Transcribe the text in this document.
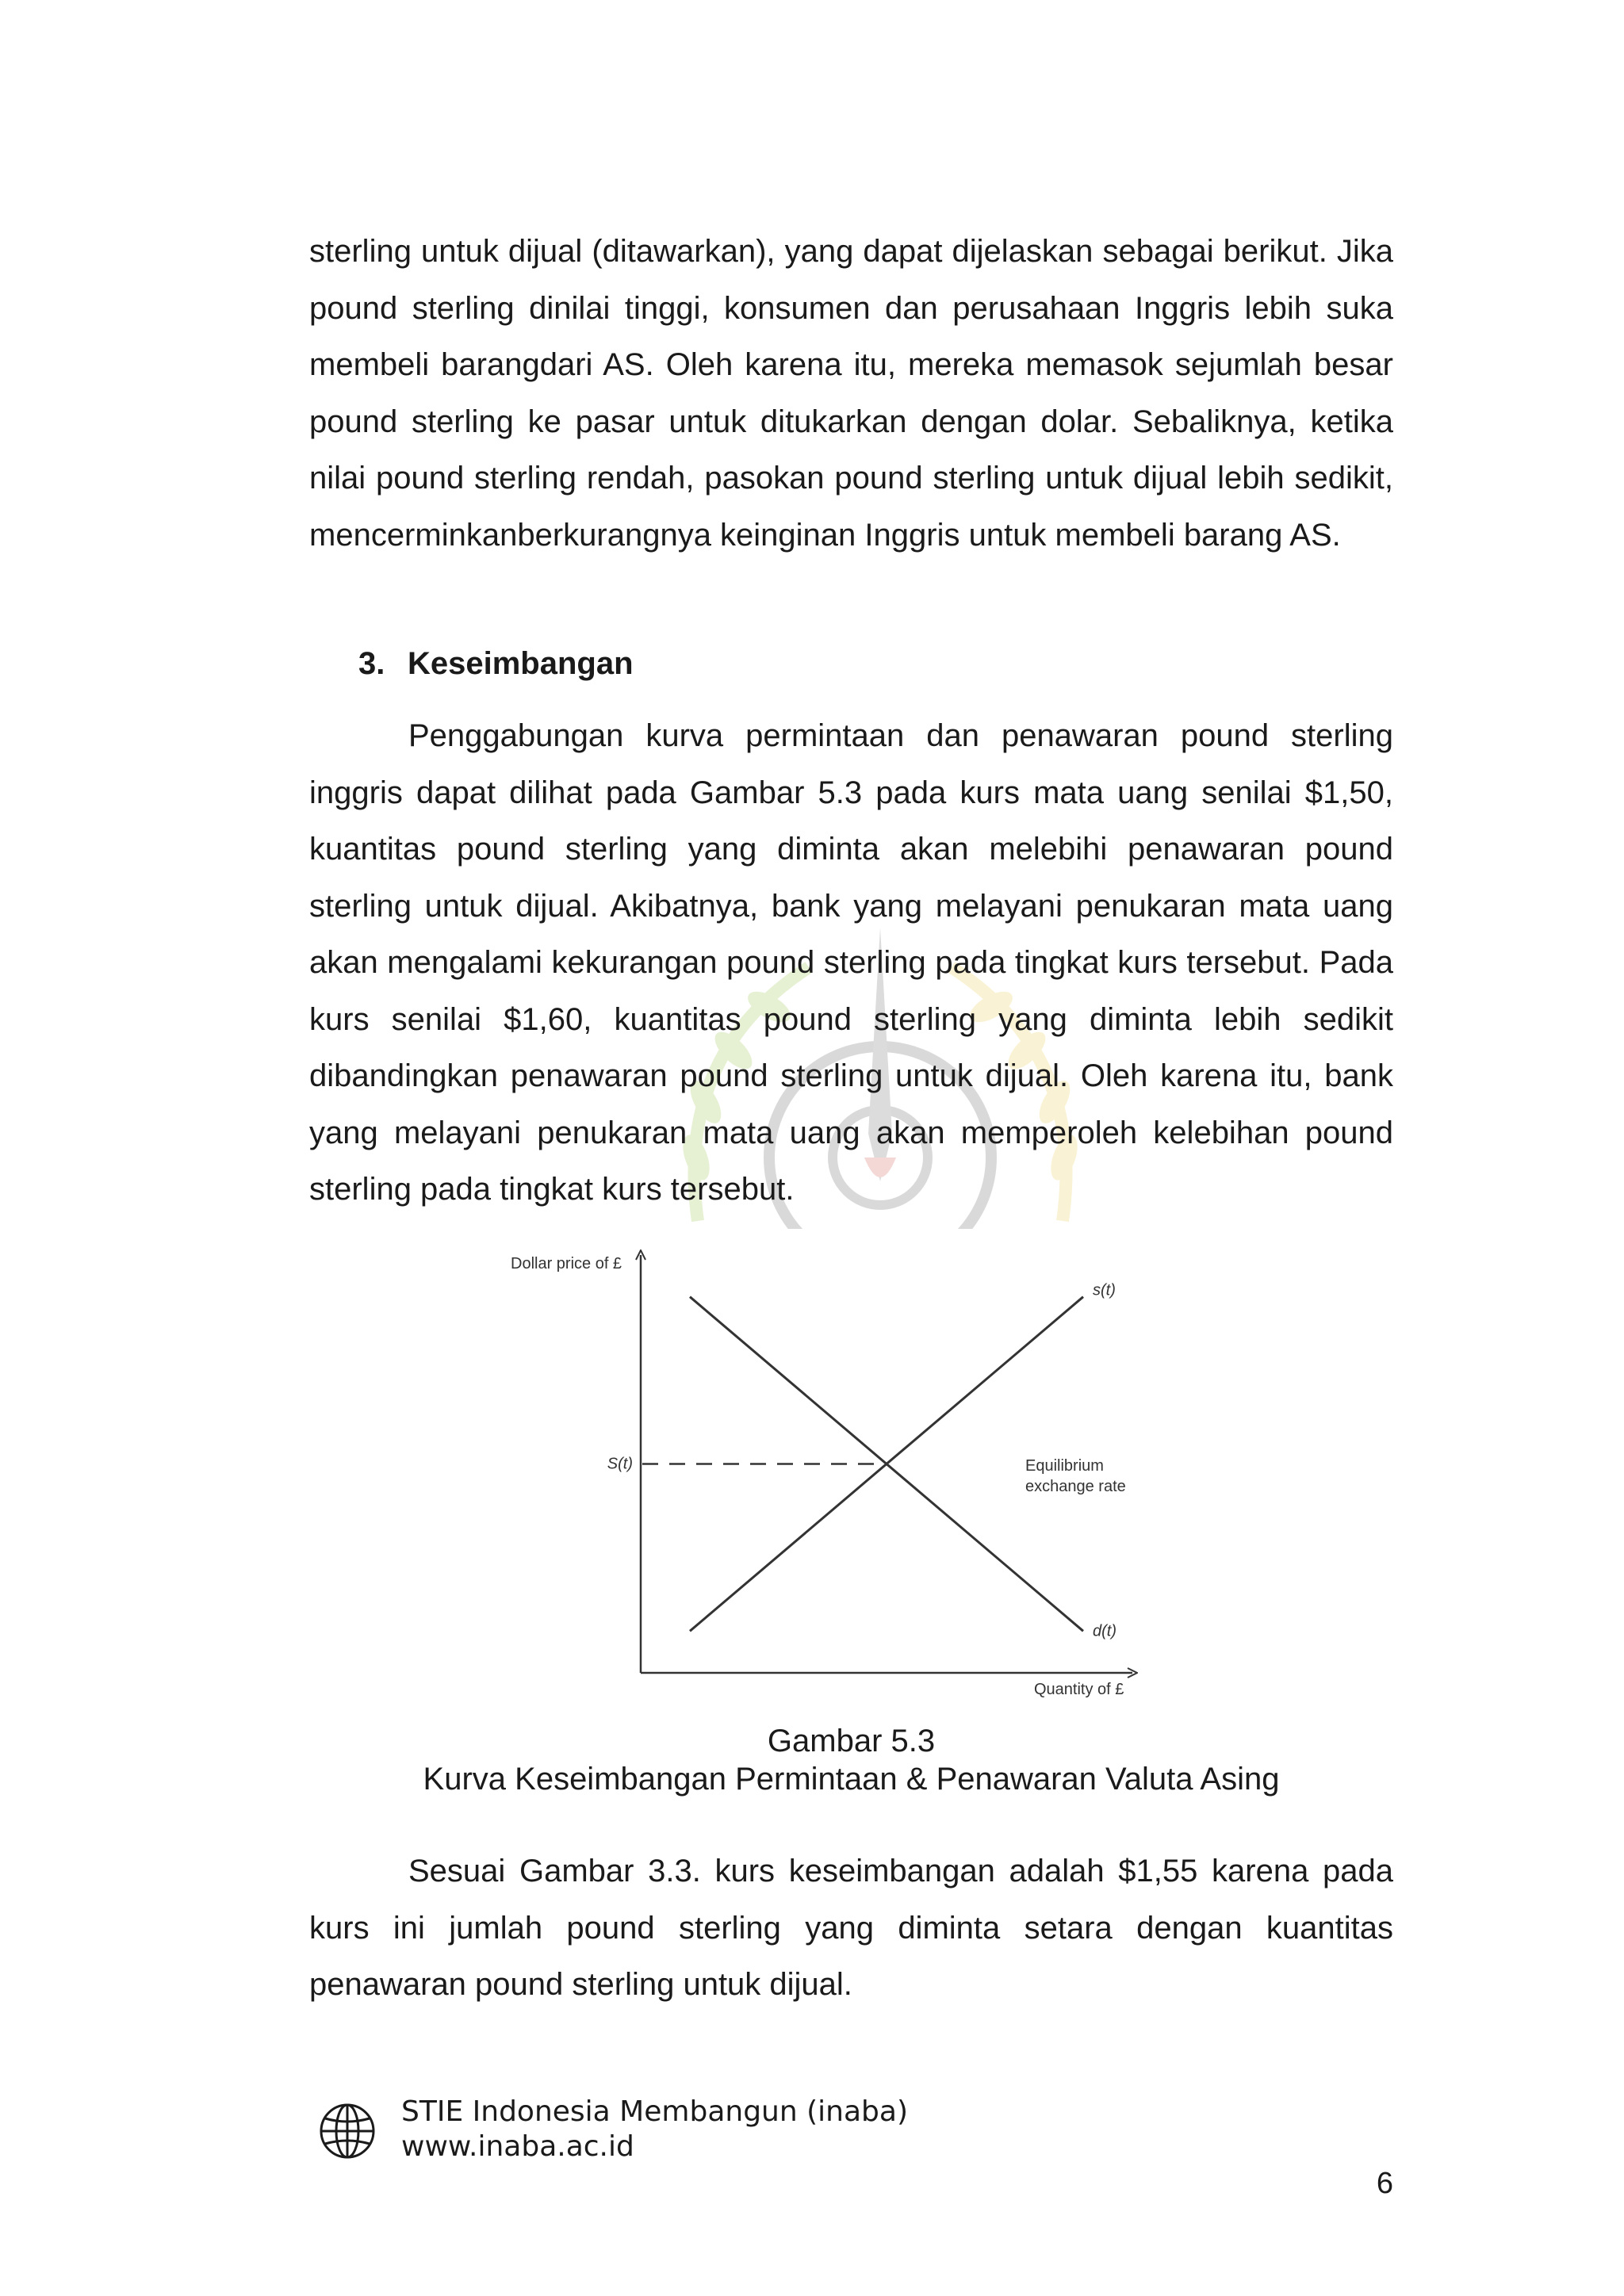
sterling untuk dijual (ditawarkan), yang dapat dijelaskan sebagai berikut. Jika pound sterling dinilai tinggi, konsumen dan perusahaan Inggris lebih suka membeli barangdari AS. Oleh karena itu, mereka memasok sejumlah besar pound sterling ke pasar untuk ditukarkan dengan dolar. Sebaliknya, ketika nilai pound sterling rendah, pasokan pound sterling untuk dijual lebih sedikit, mencerminkanberkurangnya keinginan Inggris untuk membeli barang AS.

3. Keseimbangan

Penggabungan kurva permintaan dan penawaran pound sterling inggris dapat dilihat pada Gambar 5.3 pada kurs mata uang senilai $1,50, kuantitas pound sterling yang diminta akan melebihi penawaran pound sterling untuk dijual. Akibatnya, bank yang melayani penukaran mata uang akan mengalami kekurangan pound sterling pada tingkat kurs tersebut. Pada kurs senilai $1,60, kuantitas pound sterling yang diminta lebih sedikit dibandingkan penawaran pound sterling untuk dijual. Oleh karena itu, bank yang melayani penukaran mata uang akan memperoleh kelebihan pound sterling pada tingkat kurs tersebut.

Dollar price of £
Quantity of £
s(t)
d(t)
S(t)	Equilibrium
exchange rate

Gambar 5.3

Kurva Keseimbangan Permintaan & Penawaran Valuta Asing

Sesuai Gambar 3.3. kurs keseimbangan adalah $1,55 karena pada kurs ini jumlah pound sterling yang diminta setara dengan kuantitas penawaran pound sterling untuk dijual.

STIE Indonesia Membangun (inaba)
www.inaba.ac.id
6
